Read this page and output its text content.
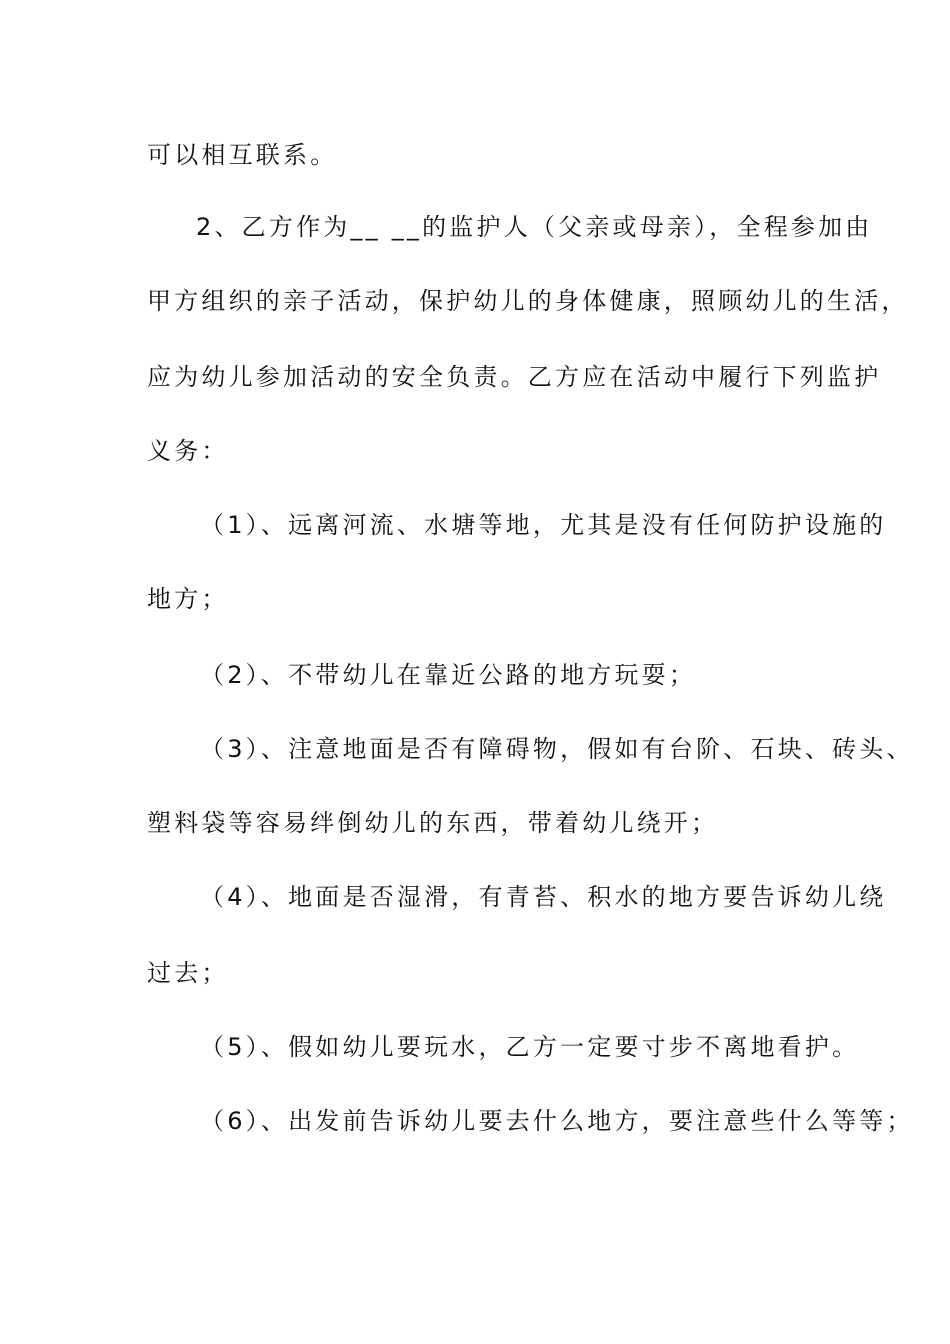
可以相互联系。
2、乙方作为__ __的监护人（父亲或母亲），全程参加由
甲方组织的亲子活动，保护幼儿的身体健康，照顾幼儿的生活，
应为幼儿参加活动的安全负责。乙方应在活动中履行下列监护
义务：
（1）、远离河流、水塘等地，尤其是没有任何防护设施的
地方；
（2）、不带幼儿在靠近公路的地方玩耍；
（3）、注意地面是否有障碍物，假如有台阶、石块、砖头、
塑料袋等容易绊倒幼儿的东西，带着幼儿绕开；
（4）、地面是否湿滑，有青苔、积水的地方要告诉幼儿绕
过去；
（5）、假如幼儿要玩水，乙方一定要寸步不离地看护。
（6）、出发前告诉幼儿要去什么地方，要注意些什么等等；
